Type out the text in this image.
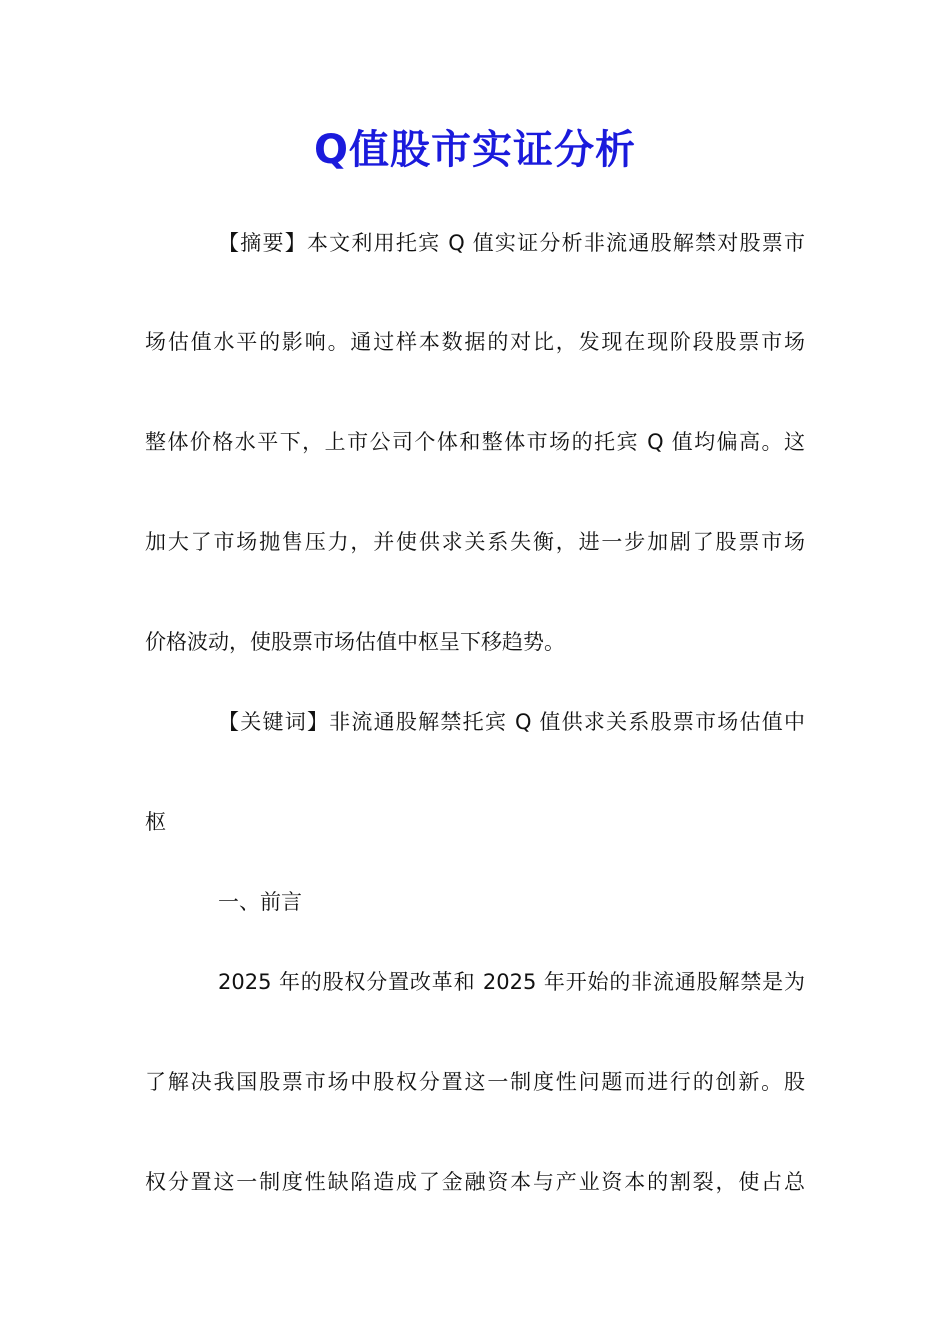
Q值股市实证分析
【摘要】本文利用托宾 Q 值实证分析非流通股解禁对股票市
场估值水平的影响。通过样本数据的对比，发现在现阶段股票市场
整体价格水平下，上市公司个体和整体市场的托宾 Q 值均偏高。这
加大了市场抛售压力，并使供求关系失衡，进一步加剧了股票市场
价格波动，使股票市场估值中枢呈下移趋势。
【关键词】非流通股解禁托宾 Q 值供求关系股票市场估值中
枢
一、前言
2025 年的股权分置改革和 2025 年开始的非流通股解禁是为
了解决我国股票市场中股权分置这一制度性问题而进行的创新。股
权分置这一制度性缺陷造成了金融资本与产业资本的割裂，使占总
